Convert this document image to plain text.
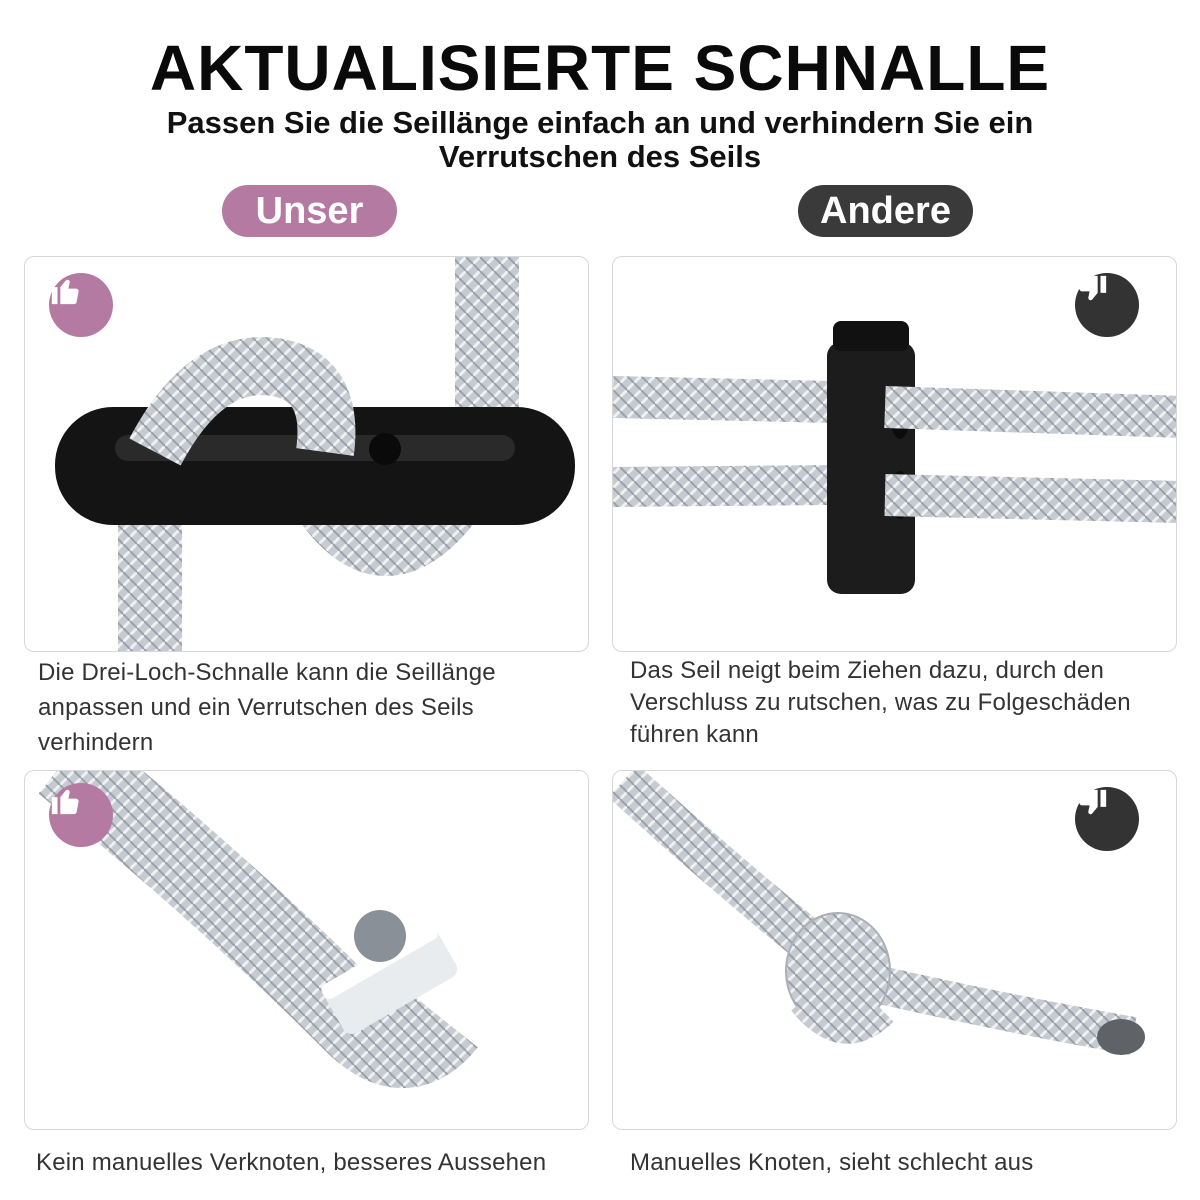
AKTUALISIERTE SCHNALLE
Passen Sie die Seillänge einfach an und verhindern Sie ein
Verrutschen des Seils
Unser	Andere
Die Drei-Loch-Schnalle kann die Seillänge anpassen und ein Verrutschen des Seils verhindern
Das Seil neigt beim Ziehen dazu, durch den Verschluss zu rutschen, was zu Folgeschäden führen kann
Kein manuelles Verknoten, besseres Aussehen	Manuelles Knoten, sieht schlecht aus
